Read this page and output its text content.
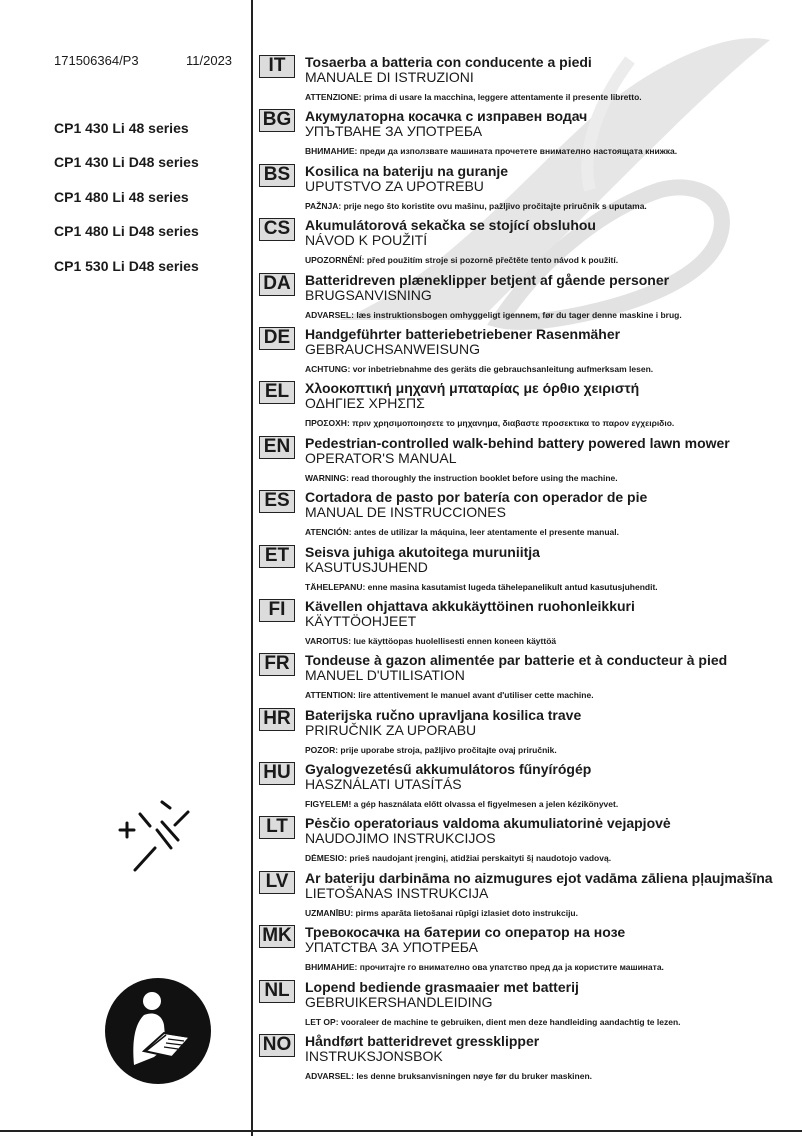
171506364/P3	11/2023
CP1 430 Li 48 series
CP1 430 Li D48 series
CP1 480 Li 48 series
CP1 480 Li D48 series
CP1 530 Li D48 series
IT	Tosaerba a batteria con conducente a piedi
MANUALE DI ISTRUZIONI
ATTENZIONE: prima di usare la macchina, leggere attentamente il presente libretto.
BG Акумулаторна косачка с изправен водач
УПЪТВАНЕ ЗА УПОТРЕБА
ВНИМАНИЕ: преди да използвате машината прочетете внимателно настоящата книжка.
BS	Kosilica na bateriju na guranje
UPUTSTVO ZA UPOTREBU
PAŽNJA: prije nego što koristite ovu mašinu, pažljivo pročitajte priručnik s uputama.
CS	Akumulátorová sekačka se stojící obsluhou
NÁVOD K POUŽITÍ
UPOZORNĚNÍ: před použitím stroje si pozorně přečtěte tento návod k použití.
DA	Batteridreven plæneklipper betjent af gående personer
BRUGSANVISNING
ADVARSEL: læs instruktionsbogen omhyggeligt igennem, før du tager denne maskine i brug.
DE	Handgeführter batteriebetriebener Rasenmäher
GEBRAUCHSANWEISUNG
ACHTUNG: vor inbetriebnahme des geräts die gebrauchsanleitung aufmerksam lesen.
EL	Χλοοκοπτική μηχανή μπαταρίας με όρθιο χειριστή
ΟΔΗΓΙΕΣ ΧΡΗΣΠΣ
ΠΡΟΣΟΧΗ: πριν χρησιμοποιησετε το μηχανημα, διαβαστε προσεκτικα το παρον εγχειριδιο.
EN	Pedestrian-controlled walk-behind battery powered lawn mower
OPERATOR'S MANUAL
WARNING: read thoroughly the instruction booklet before using the machine.
ES	Cortadora de pasto por batería con operador de pie
MANUAL DE INSTRUCCIONES
ATENCIÓN: antes de utilizar la máquina, leer atentamente el presente manual.
ET	Seisva juhiga akutoitega muruniitja
KASUTUSJUHEND
TÄHELEPANU: enne masina kasutamist lugeda tähelepanelikult antud kasutusjuhendit.
FI	Kävellen ohjattava akkukäyttöinen ruohonleikkuri
KÄYTTÖOHJEET
VAROITUS: lue käyttöopas huolellisesti ennen koneen käyttöä
FR	Tondeuse à gazon alimentée par batterie et à conducteur à pied
MANUEL D'UTILISATION
ATTENTION: lire attentivement le manuel avant d'utiliser cette machine.
HR	Baterijska ručno upravljana kosilica trave
PRIRUČNIK ZA UPORABU
POZOR: prije uporabe stroja, pažljivo pročitajte ovaj priručnik.
HU	Gyalogvezetésű akkumulátoros fűnyírógép
HASZNÁLATI UTASÍTÁS
FIGYELEM! a gép használata előtt olvassa el figyelmesen a jelen kézikönyvet.
LT	Pėsčio operatoriaus valdoma akumuliatorinė vejapjovė
NAUDOJIMO INSTRUKCIJOS
DĖMESIO: prieš naudojant įrenginį, atidžiai perskaityti šį naudotojo vadovą.
LV	Ar bateriju darbināma no aizmugures ejot vadāma zāliena pļaujmašīna
LIETOŠANAS INSTRUKCIJA
UZMANĪBU: pirms aparāta lietošanai rūpīgi izlasiet doto instrukciju.
MK Тревокосачка на батерии со оператор на нозе
УПАТСТВА ЗА УПОТРЕБА
ВНИМАНИЕ: прочитајте го внимателно ова упатство пред да ја користите машината.
NL	Lopend bediende grasmaaier met batterij
GEBRUIKERSHANDLEIDING
LET OP: vooraleer de machine te gebruiken, dient men deze handleiding aandachtig te lezen.
NO Håndført batteridrevet gressklipper
INSTRUKSJONSBOK
ADVARSEL: les denne bruksanvisningen nøye før du bruker maskinen.
